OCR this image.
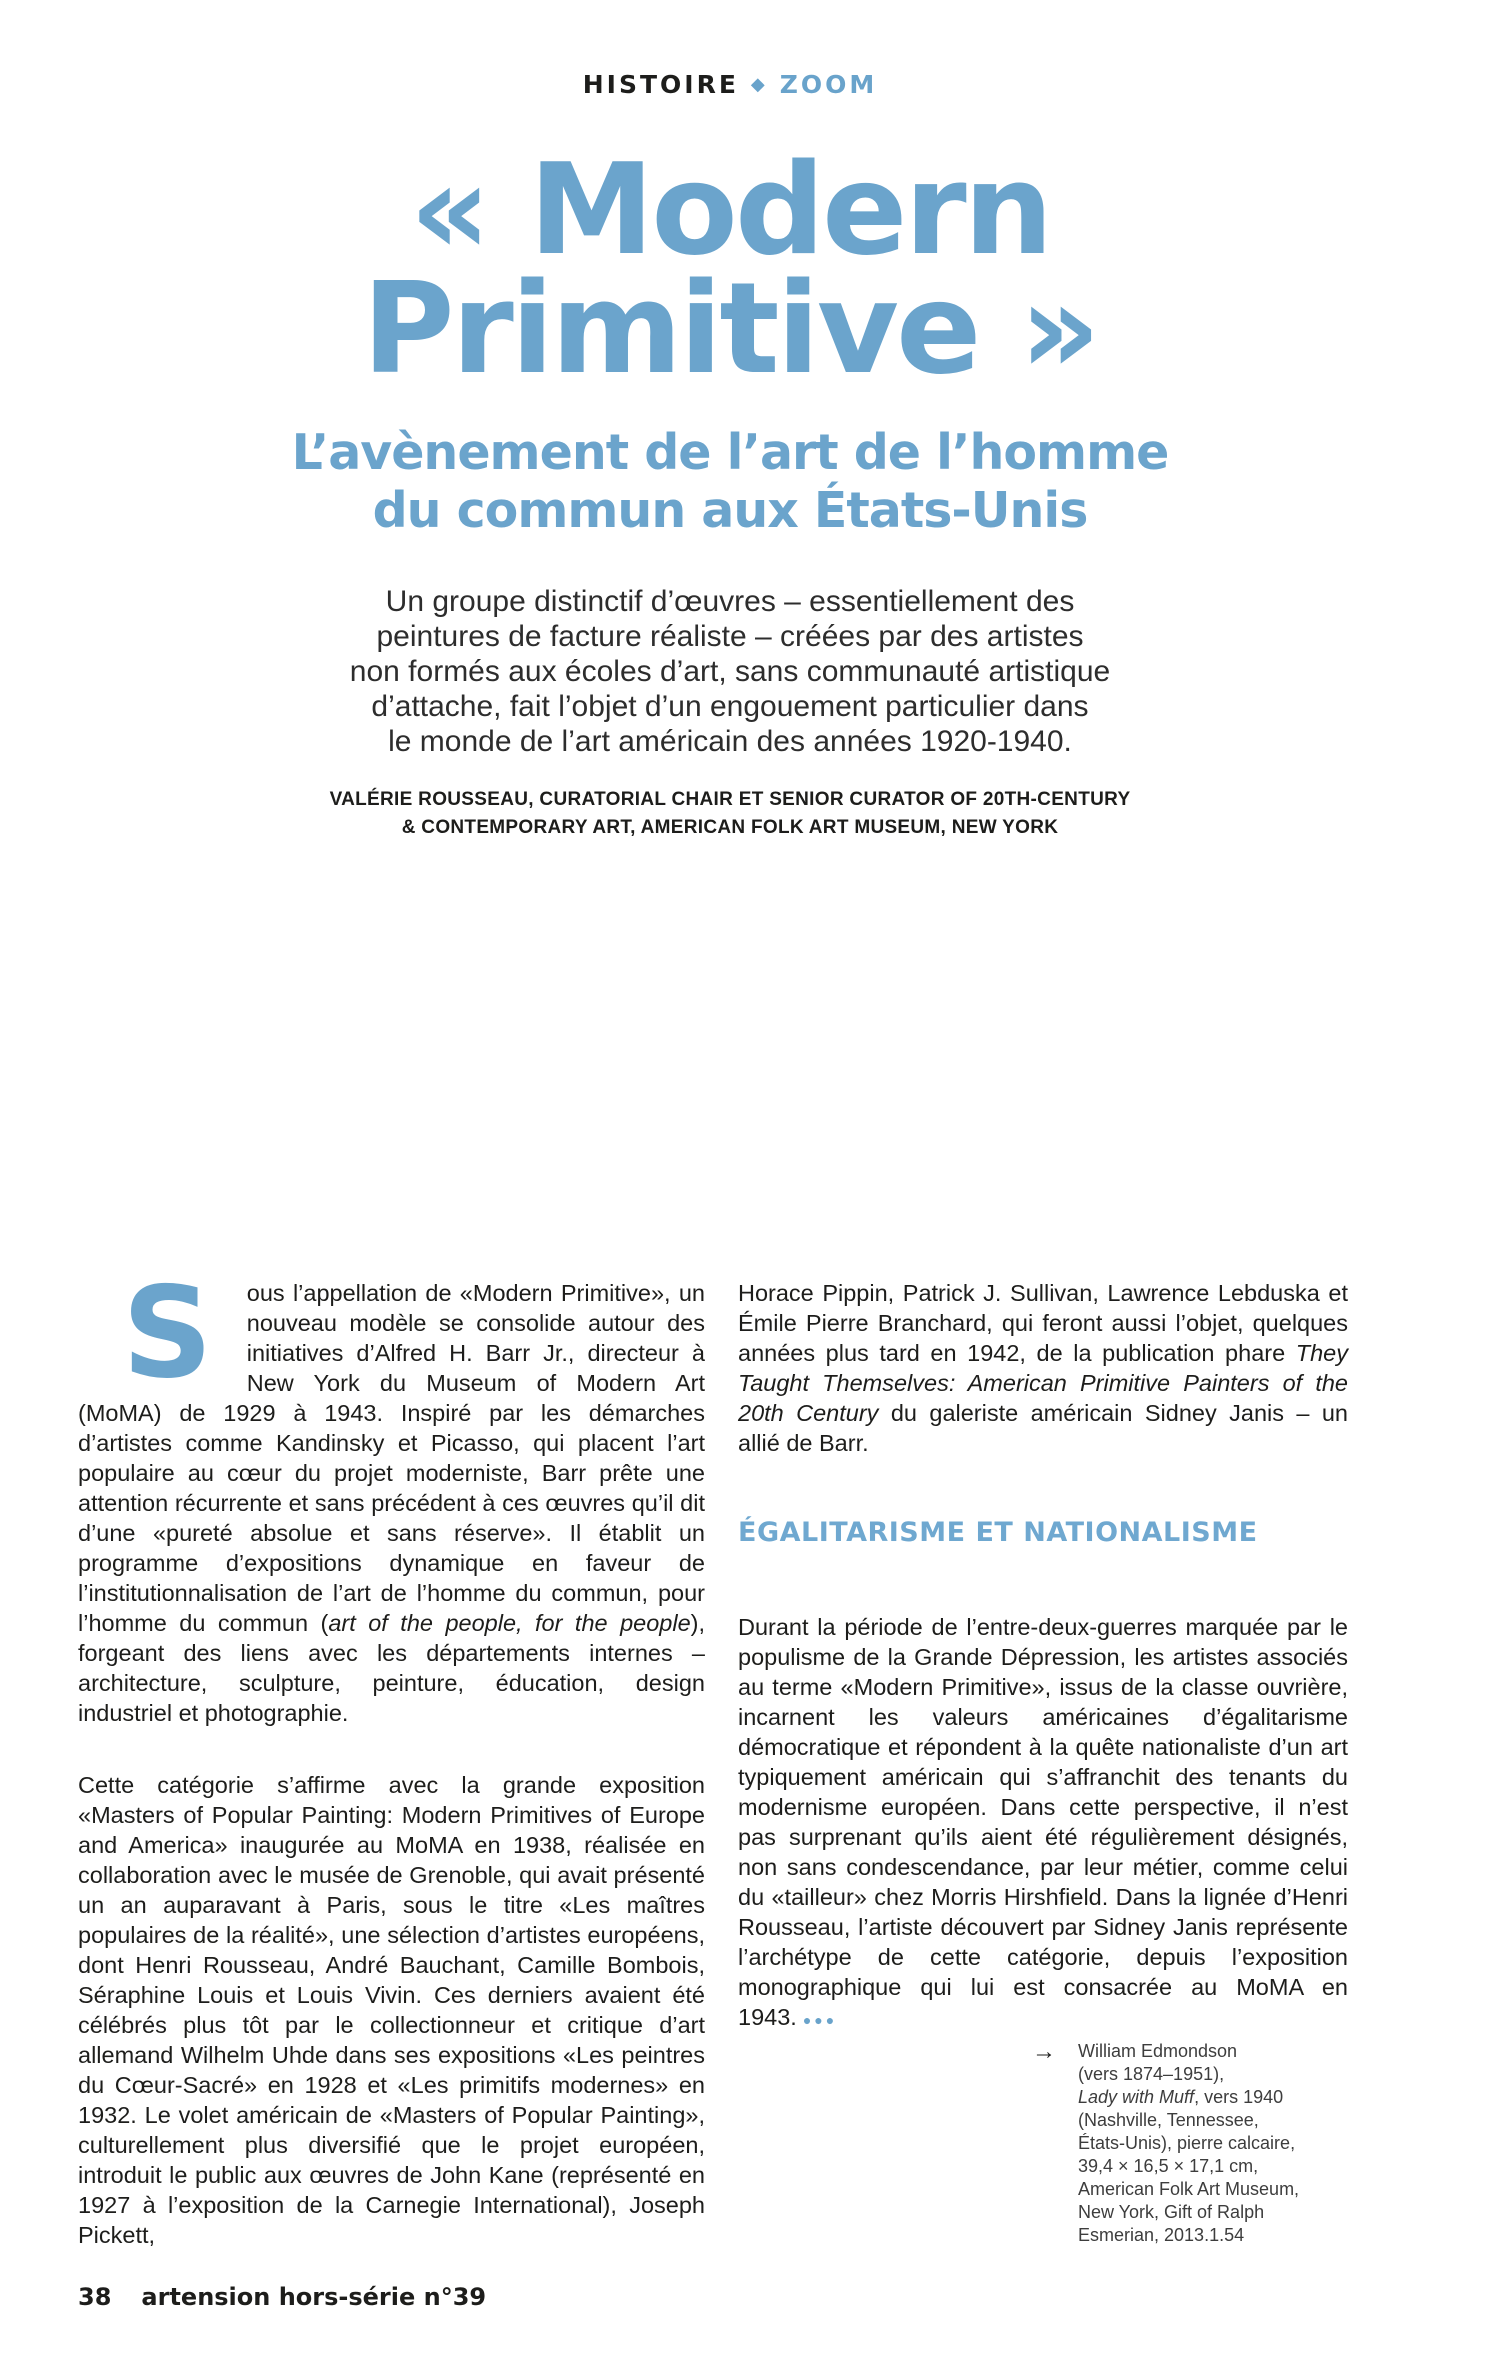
HISTOIRE ◆ ZOOM
« Modern
Primitive »
L’avènement de l’art de l’homme
du commun aux États-Unis
Un groupe distinctif d’œuvres – essentiellement des
peintures de facture réaliste – créées par des artistes
non formés aux écoles d’art, sans communauté artistique
d’attache, fait l’objet d’un engouement particulier dans
le monde de l’art américain des années 1920-1940.
VALÉRIE ROUSSEAU, CURATORIAL CHAIR ET SENIOR CURATOR OF 20TH-CENTURY
& CONTEMPORARY ART, AMERICAN FOLK ART MUSEUM, NEW YORK

S ous l’appellation de «Modern Primitive», un nouveau modèle se consolide autour des initiatives d’Alfred H. Barr Jr., directeur à New York du Museum of Modern Art (MoMA) de 1929 à 1943. Inspiré par les démarches d’artistes comme Kandinsky et Picasso, qui placent l’art populaire au cœur du projet moderniste, Barr prête une attention récurrente et sans précédent à ces œuvres qu’il dit d’une «pureté absolue et sans réserve». Il établit un programme d’expositions dynamique en faveur de l’institutionnalisation de l’art de l’homme du commun, pour l’homme du commun (art of the people, for the people), forgeant des liens avec les départements internes – architecture, sculpture, peinture, éducation, design industriel et photographie.

Cette catégorie s’affirme avec la grande exposition «Masters of Popular Painting: Modern Primitives of Europe and America» inaugurée au MoMA en 1938, réalisée en collaboration avec le musée de Grenoble, qui avait présenté un an auparavant à Paris, sous le titre «Les maîtres populaires de la réalité», une sélection d’artistes européens, dont Henri Rousseau, André Bauchant, Camille Bombois, Séraphine Louis et Louis Vivin. Ces derniers avaient été célébrés plus tôt par le collectionneur et critique d’art allemand Wilhelm Uhde dans ses expositions «Les peintres du Cœur-Sacré» en 1928 et «Les primitifs modernes» en 1932. Le volet américain de «Masters of Popular Painting», culturellement plus diversifié que le projet européen, introduit le public aux œuvres de John Kane (représenté en 1927 à l’exposition de la Carnegie International), Joseph Pickett,

Horace Pippin, Patrick J. Sullivan, Lawrence Lebduska et Émile Pierre Branchard, qui feront aussi l’objet, quelques années plus tard en 1942, de la publication phare They Taught Themselves: American Primitive Painters of the 20th Century du galeriste américain Sidney Janis – un allié de Barr.

ÉGALITARISME ET NATIONALISME

Durant la période de l’entre-deux-guerres marquée par le populisme de la Grande Dépression, les artistes associés au terme «Modern Primitive», issus de la classe ouvrière, incarnent les valeurs américaines d’égalitarisme démocratique et répondent à la quête nationaliste d’un art typiquement américain qui s’affranchit des tenants du modernisme européen. Dans cette perspective, il n’est pas surprenant qu’ils aient été régulièrement désignés, non sans condescendance, par leur métier, comme celui du «tailleur» chez Morris Hirshfield. Dans la lignée d’Henri Rousseau, l’artiste découvert par Sidney Janis représente l’archétype de cette catégorie, depuis l’exposition monographique qui lui est consacrée au MoMA en 1943. ●●●

→	William Edmondson
(vers 1874–1951),
Lady with Muff, vers 1940
(Nashville, Tennessee,
États-Unis), pierre calcaire,
39,4 × 16,5 × 17,1 cm,
American Folk Art Museum,
New York, Gift of Ralph
Esmerian, 2013.1.54
38 artension hors-série n°39
